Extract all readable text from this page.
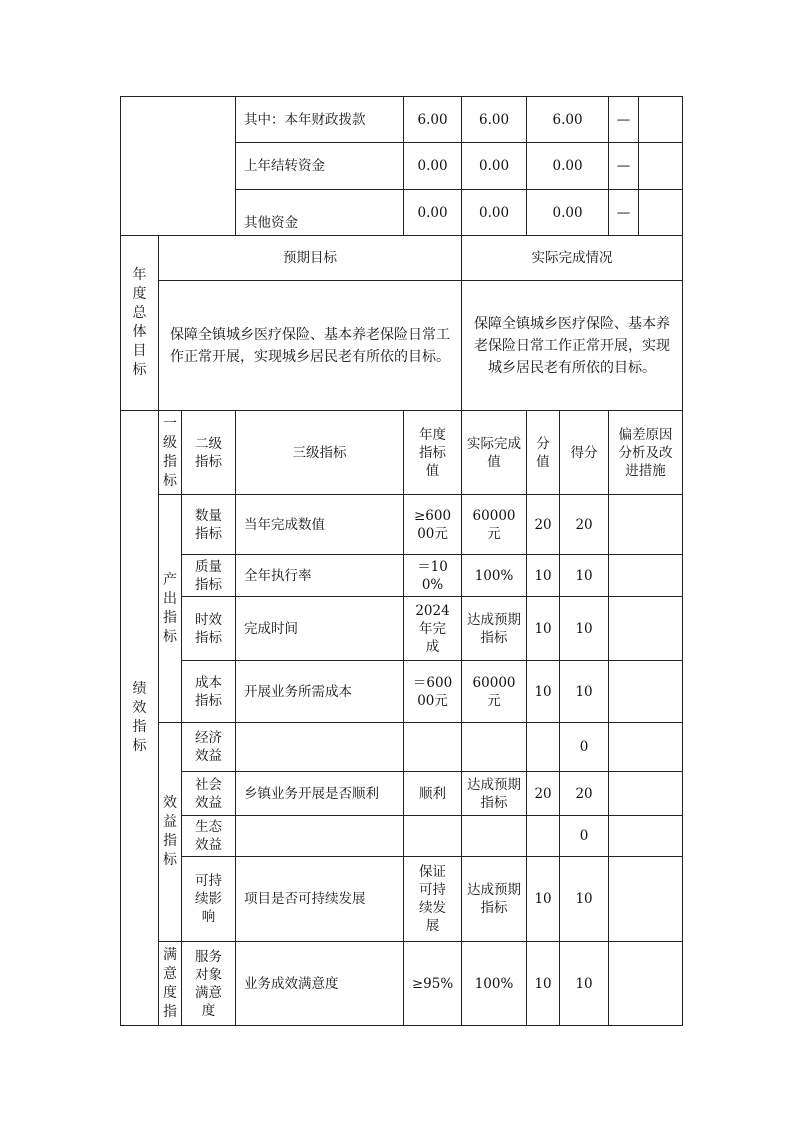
			其中：本年财政拨款	6.00	6.00	6.00		—

			上年结转资金	0.00	0.00	0.00		—

			其他资金	0.00	0.00	0.00		—

年度总体目标	预期目标				实际完成情况			
	保障全镇城乡医疗保险、基本养老保险日常工作正常开展，实现城乡居民老有所依的目标。				保障全镇城乡医疗保险、基本养老保险日常工作正常开展，实现城乡居民老有所依的目标。			
绩效指标	一级指标	二级指标	三级指标	年度指标值	实际完成值	分值	得分	偏差原因分析及改进措施
	产出指标	数量指标	当年完成数值	≥60000元	60000元	20	20	
		质量指标	全年执行率	＝100%	100%	10	10	
		时效指标	完成时间	2024年完成	达成预期指标	10	10	
		成本指标	开展业务所需成本	＝60000元	60000元	10	10	
	效益指标	经济效益					0	
		社会效益	乡镇业务开展是否顺利	顺利	达成预期指标	20	20	
		生态效益					0	
		可持续影响	项目是否可持续发展	保证可持续发展	达成预期指标	10	10	
	满意度指	服务对象满意度	业务成效满意度	≥95%	100%	10	10	
